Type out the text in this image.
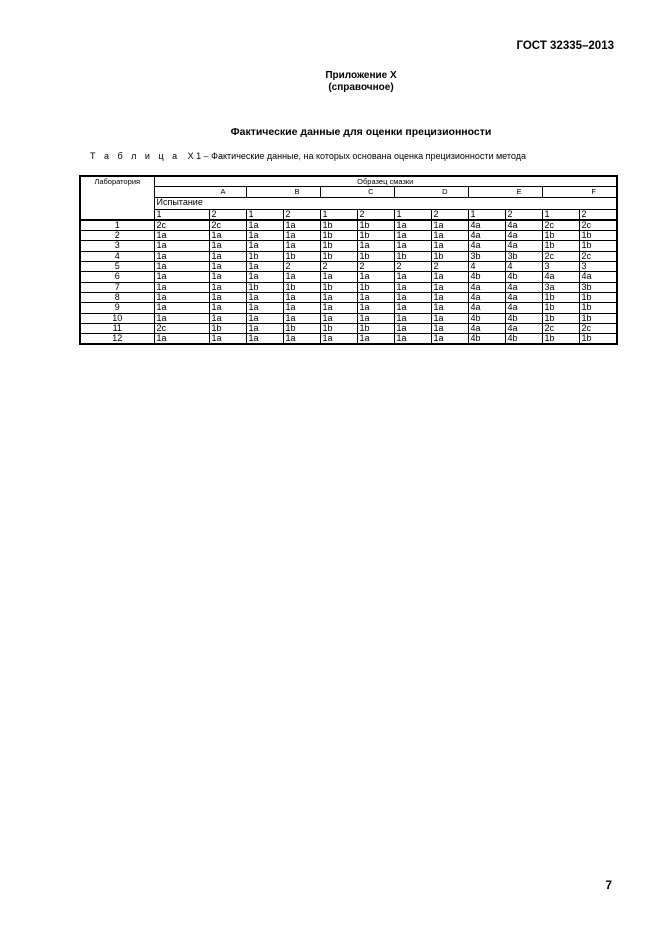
ГОСТ 32335–2013
Приложение Х
(справочное)
Фактические данные для оценки прецизионности
Т а б л и ц а Х 1 – Фактические данные, на которых основана оценка прецизионности метода
Лаборатория	Образец смазки											
	A		B		C		D		E		F	
	Испытание											
	1	2	1	2	1	2	1	2	1	2	1	2
1	2c	2c	1a	1a	1b	1b	1a	1a	4a	4a	2c	2c
2	1a	1a	1a	1a	1b	1b	1a	1a	4a	4a	1b	1b
3	1a	1a	1a	1a	1b	1a	1a	1a	4a	4a	1b	1b
4	1a	1a	1b	1b	1b	1b	1b	1b	3b	3b	2c	2c
5	1a	1a	1a	2	2	2	2	2	4	4	3	3
6	1a	1a	1a	1a	1a	1a	1a	1a	4b	4b	4a	4a
7	1a	1a	1b	1b	1b	1b	1a	1a	4a	4a	3a	3b
8	1a	1a	1a	1a	1a	1a	1a	1a	4a	4a	1b	1b
9	1a	1a	1a	1a	1a	1a	1a	1a	4a	4a	1b	1b
10	1a	1a	1a	1a	1a	1a	1a	1a	4b	4b	1b	1b
11	2c	1b	1a	1b	1b	1b	1a	1a	4a	4a	2c	2c
12	1a	1a	1a	1a	1a	1a	1a	1a	4b	4b	1b	1b
7
